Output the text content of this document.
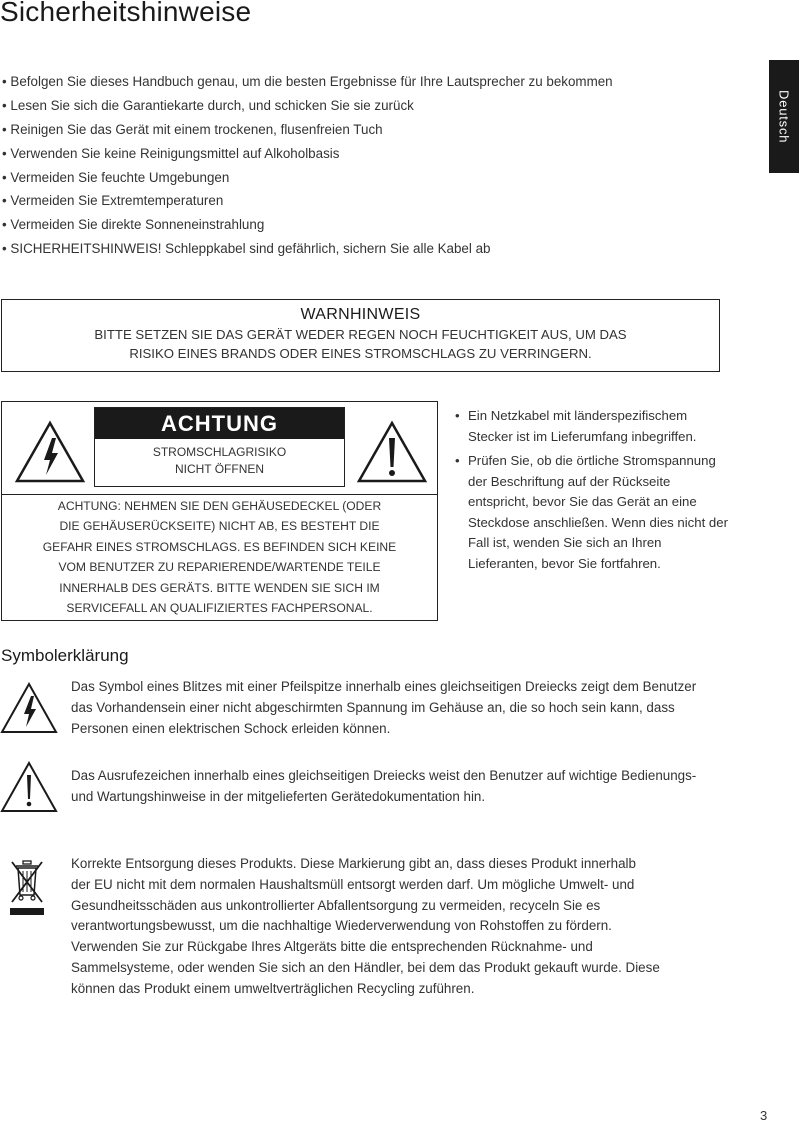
Sicherheitshinweise
Deutsch
• Befolgen Sie dieses Handbuch genau, um die besten Ergebnisse für Ihre Lautsprecher zu bekommen
• Lesen Sie sich die Garantiekarte durch, und schicken Sie sie zurück
• Reinigen Sie das Gerät mit einem trockenen, flusenfreien Tuch
• Verwenden Sie keine Reinigungsmittel auf Alkoholbasis
• Vermeiden Sie feuchte Umgebungen
• Vermeiden Sie Extremtemperaturen
• Vermeiden Sie direkte Sonneneinstrahlung
• SICHERHEITSHINWEIS! Schleppkabel sind gefährlich, sichern Sie alle Kabel ab
WARNHINWEIS
BITTE SETZEN SIE DAS GERÄT WEDER REGEN NOCH FEUCHTIGKEIT AUS, UM DAS
RISIKO EINES BRANDS ODER EINES STROMSCHLAGS ZU VERRINGERN.
ACHTUNG
STROMSCHLAGRISIKO
NICHT ÖFFNEN
ACHTUNG: NEHMEN SIE DEN GEHÄUSEDECKEL (ODER
DIE GEHÄUSERÜCKSEITE) NICHT AB, ES BESTEHT DIE
GEFAHR EINES STROMSCHLAGS. ES BEFINDEN SICH KEINE
VOM BENUTZER ZU REPARIERENDE/WARTENDE TEILE
INNERHALB DES GERÄTS. BITTE WENDEN SIE SICH IM
SERVICEFALL AN QUALIFIZIERTES FACHPERSONAL.
• Ein Netzkabel mit länderspezifischem Stecker ist im Lieferumfang inbegriffen.
• Prüfen Sie, ob die örtliche Stromspannung der Beschriftung auf der Rückseite entspricht, bevor Sie das Gerät an eine Steckdose anschließen. Wenn dies nicht der Fall ist, wenden Sie sich an Ihren Lieferanten, bevor Sie fortfahren.
Symbolerklärung

Das Symbol eines Blitzes mit einer Pfeilspitze innerhalb eines gleichseitigen Dreiecks zeigt dem Benutzer das Vorhandensein einer nicht abgeschirmten Spannung im Gehäuse an, die so hoch sein kann, dass Personen einen elektrischen Schock erleiden können.

Das Ausrufezeichen innerhalb eines gleichseitigen Dreiecks weist den Benutzer auf wichtige Bedienungs- und Wartungshinweise in der mitgelieferten Gerätedokumentation hin.

Korrekte Entsorgung dieses Produkts. Diese Markierung gibt an, dass dieses Produkt innerhalb
der EU nicht mit dem normalen Haushaltsmüll entsorgt werden darf. Um mögliche Umwelt- und
Gesundheitsschäden aus unkontrollierter Abfallentsorgung zu vermeiden, recyceln Sie es
verantwortungsbewusst, um die nachhaltige Wiederverwendung von Rohstoffen zu fördern.
Verwenden Sie zur Rückgabe Ihres Altgeräts bitte die entsprechenden Rücknahme- und
Sammelsysteme, oder wenden Sie sich an den Händler, bei dem das Produkt gekauft wurde. Diese
können das Produkt einem umweltverträglichen Recycling zuführen.
3
